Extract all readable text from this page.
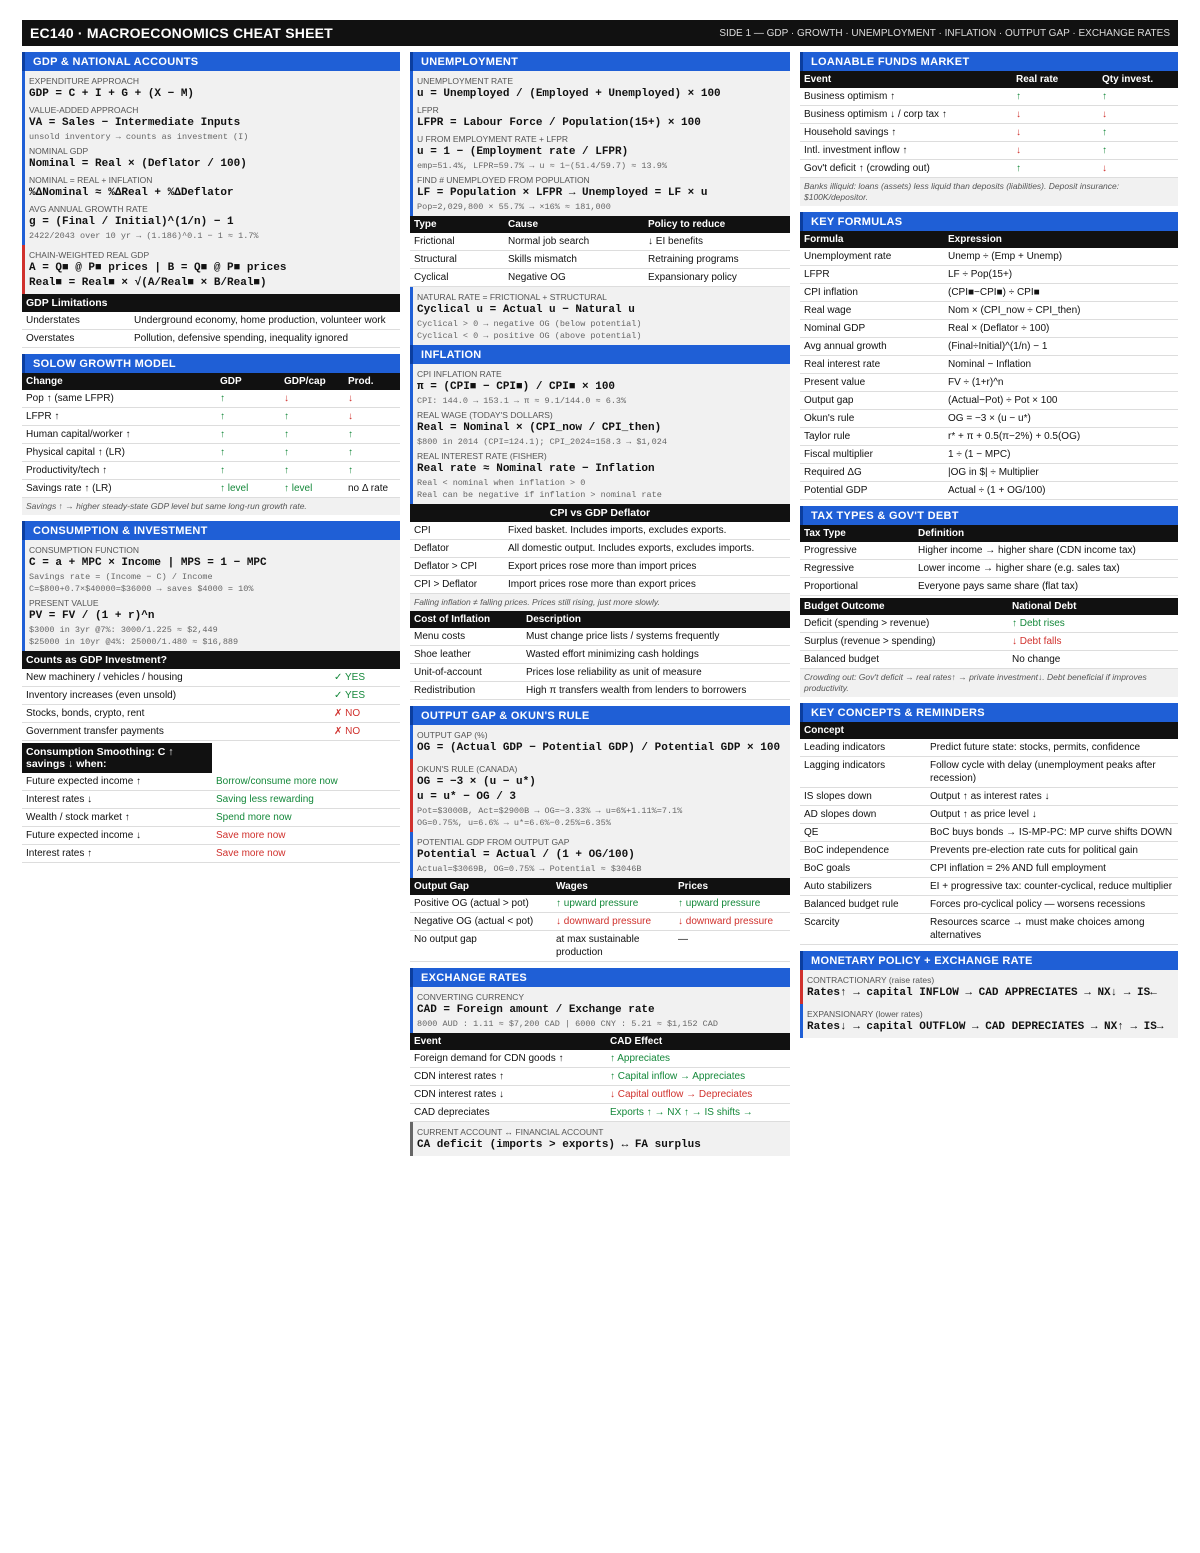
EC140 · MACROECONOMICS CHEAT SHEET	SIDE 1 — GDP · GROWTH · UNEMPLOYMENT · INFLATION · OUTPUT GAP · EXCHANGE RATES
GDP & NATIONAL ACCOUNTS
EXPENDITURE APPROACH
GDP = C + I + G + (X − M)
VALUE-ADDED APPROACH
VA = Sales − Intermediate Inputs
unsold inventory → counts as investment (I)
NOMINAL GDP
Nominal = Real × (Deflator / 100)
NOMINAL = REAL + INFLATION
%ΔNominal ≈ %ΔReal + %ΔDeflator
AVG ANNUAL GROWTH RATE
g = (Final / Initial)^(1/n) − 1
2422/2043 over 10 yr → (1.186)^0.1 − 1 ≈ 1.7%
CHAIN-WEIGHTED REAL GDP
A = Q■ @ P■ prices | B = Q■ @ P■ prices
Real■ = Real■ × √(A/Real■ × B/Real■)
GDP Limitations
Understates	Underground economy, home production, volunteer work
Overstates	Pollution, defensive spending, inequality ignored
SOLOW GROWTH MODEL
Change	GDP	GDP/cap	Prod.
Pop ↑ (same LFPR)	↑	↓	↓
LFPR ↑	↑	↑	↓
Human capital/worker ↑	↑	↑	↑
Physical capital ↑ (LR)	↑	↑	↑
Productivity/tech ↑	↑	↑	↑
Savings rate ↑ (LR)	↑ level	↑ level	no Δ rate
Savings ↑ → higher steady-state GDP level but same long-run growth rate.
CONSUMPTION & INVESTMENT
CONSUMPTION FUNCTION
C = a + MPC × Income | MPS = 1 − MPC
Savings rate = (Income − C) / Income
C=$800+0.7×$40000=$36000 → saves $4000 = 10%
PRESENT VALUE
PV = FV / (1 + r)^n
$3000 in 3yr @7%: 3000/1.225 ≈ $2,449
$25000 in 10yr @4%: 25000/1.480 ≈ $16,889
Counts as GDP Investment?
New machinery / vehicles / housing	✓ YES
Inventory increases (even unsold)	✓ YES
Stocks, bonds, crypto, rent	✗ NO
Government transfer payments	✗ NO
Consumption Smoothing: C ↑ savings ↓ when:
Future expected income ↑	Borrow/consume more now
Interest rates ↓	Saving less rewarding
Wealth / stock market ↑	Spend more now
Future expected income ↓	Save more now
Interest rates ↑	Save more now
UNEMPLOYMENT
UNEMPLOYMENT RATE
u = Unemployed / (Employed + Unemployed) × 100
LFPR
LFPR = Labour Force / Population(15+) × 100
U FROM EMPLOYMENT RATE + LFPR
u = 1 − (Employment rate / LFPR)
emp=51.4%, LFPR=59.7% → u ≈ 1−(51.4/59.7) ≈ 13.9%
FIND # UNEMPLOYED FROM POPULATION
LF = Population × LFPR → Unemployed = LF × u
Pop=2,029,800 × 55.7% → ×16% ≈ 181,000
Type	Cause	Policy to reduce
Frictional	Normal job search	↓ EI benefits
Structural	Skills mismatch	Retraining programs
Cyclical	Negative OG	Expansionary policy
NATURAL RATE = FRICTIONAL + STRUCTURAL
Cyclical u = Actual u − Natural u
Cyclical > 0 → negative OG (below potential)
Cyclical < 0 → positive OG (above potential)
INFLATION
CPI INFLATION RATE
π = (CPI■ − CPI■) / CPI■ × 100
CPI: 144.0 → 153.1 → π ≈ 9.1/144.0 ≈ 6.3%
REAL WAGE (TODAY'S DOLLARS)
Real = Nominal × (CPI_now / CPI_then)
$800 in 2014 (CPI=124.1); CPI_2024=158.3 → $1,024
REAL INTEREST RATE (FISHER)
Real rate ≈ Nominal rate − Inflation
Real < nominal when inflation > 0
Real can be negative if inflation > nominal rate
CPI vs GDP Deflator
CPI	Fixed basket. Includes imports, excludes exports.
Deflator	All domestic output. Includes exports, excludes imports.
Deflator > CPI	Export prices rose more than import prices
CPI > Deflator	Import prices rose more than export prices
Falling inflation ≠ falling prices. Prices still rising, just more slowly.
Cost of Inflation	Description
Menu costs	Must change price lists / systems frequently
Shoe leather	Wasted effort minimizing cash holdings
Unit-of-account	Prices lose reliability as unit of measure
Redistribution	High π transfers wealth from lenders to borrowers
OUTPUT GAP & OKUN'S RULE
OUTPUT GAP (%)
OG = (Actual GDP − Potential GDP) / Potential GDP × 100
OKUN'S RULE (CANADA)
OG = −3 × (u − u*)
u = u* − OG / 3
Pot=$3000B, Act=$2900B → OG=−3.33% → u=6%+1.11%=7.1%
OG=0.75%, u=6.6% → u*=6.6%−0.25%=6.35%
POTENTIAL GDP FROM OUTPUT GAP
Potential = Actual / (1 + OG/100)
Actual=$3069B, OG=0.75% → Potential ≈ $3046B
Output Gap	Wages	Prices
Positive OG (actual > pot)	↑ upward pressure	↑ upward pressure
Negative OG (actual < pot)	↓ downward pressure	↓ downward pressure
No output gap	at max sustainable production	—
EXCHANGE RATES
CONVERTING CURRENCY
CAD = Foreign amount / Exchange rate
8000 AUD : 1.11 ≈ $7,200 CAD | 6000 CNY : 5.21 ≈ $1,152 CAD
Event	CAD Effect
Foreign demand for CDN goods ↑	↑ Appreciates
CDN interest rates ↑	↑ Capital inflow → Appreciates
CDN interest rates ↓	↓ Capital outflow → Depreciates
CAD depreciates	Exports ↑ → NX ↑ → IS shifts →
CURRENT ACCOUNT ↔ FINANCIAL ACCOUNT
CA deficit (imports > exports) ↔ FA surplus
LOANABLE FUNDS MARKET
Event	Real rate	Qty invest.
Business optimism ↑	↑	↑
Business optimism ↓ / corp tax ↑	↓	↓
Household savings ↑	↓	↑
Intl. investment inflow ↑	↓	↑
Gov't deficit ↑ (crowding out)	↑	↓
Banks illiquid: loans (assets) less liquid than deposits (liabilities). Deposit insurance: $100K/depositor.
KEY FORMULAS
Formula	Expression
Unemployment rate	Unemp ÷ (Emp + Unemp)
LFPR	LF ÷ Pop(15+)
CPI inflation	(CPI■−CPI■) ÷ CPI■
Real wage	Nom × (CPI_now ÷ CPI_then)
Nominal GDP	Real × (Deflator ÷ 100)
Avg annual growth	(Final÷Initial)^(1/n) − 1
Real interest rate	Nominal − Inflation
Present value	FV ÷ (1+r)^n
Output gap	(Actual−Pot) ÷ Pot × 100
Okun's rule	OG = −3 × (u − u*)
Taylor rule	r* + π + 0.5(π−2%) + 0.5(OG)
Fiscal multiplier	1 ÷ (1 − MPC)
Required ΔG	|OG in $| ÷ Multiplier
Potential GDP	Actual ÷ (1 + OG/100)
TAX TYPES & GOV'T DEBT
Tax Type	Definition
Progressive	Higher income → higher share (CDN income tax)
Regressive	Lower income → higher share (e.g. sales tax)
Proportional	Everyone pays same share (flat tax)
Budget Outcome	National Debt
Deficit (spending > revenue)	↑ Debt rises
Surplus (revenue > spending)	↓ Debt falls
Balanced budget	No change
Crowding out: Gov't deficit → real rates↑ → private investment↓. Debt beneficial if improves productivity.
KEY CONCEPTS & REMINDERS
Concept	
Leading indicators	Predict future state: stocks, permits, confidence
Lagging indicators	Follow cycle with delay (unemployment peaks after recession)
IS slopes down	Output ↑ as interest rates ↓
AD slopes down	Output ↑ as price level ↓
QE	BoC buys bonds → IS-MP-PC: MP curve shifts DOWN
BoC independence	Prevents pre-election rate cuts for political gain
BoC goals	CPI inflation = 2% AND full employment
Auto stabilizers	EI + progressive tax: counter-cyclical, reduce multiplier
Balanced budget rule	Forces pro-cyclical policy — worsens recessions
Scarcity	Resources scarce → must make choices among alternatives
MONETARY POLICY + EXCHANGE RATE
CONTRACTIONARY (raise rates)
Rates↑ → capital INFLOW → CAD APPRECIATES → NX↓ → IS←
EXPANSIONARY (lower rates)
Rates↓ → capital OUTFLOW → CAD DEPRECIATES → NX↑ → IS→
